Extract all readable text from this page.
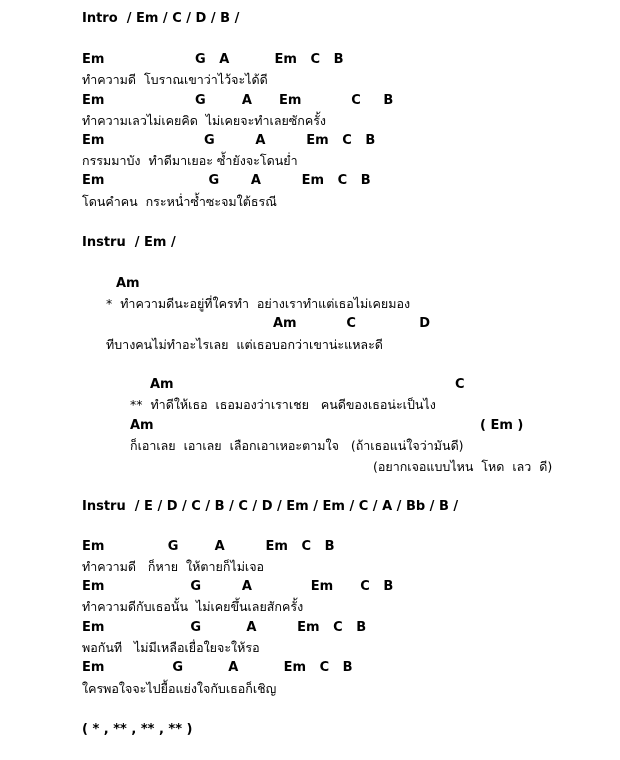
Intro  / Em / C / D / B /
Em                    G   A          Em   C   B
ทำความดี  โบราณเขาว่าไว้จะได้ดี
Em                    G        A      Em           C     B
ทำความเลวไม่เคยคิด  ไม่เคยจะทำเลยซักครั้ง
Em                      G         A         Em   C   B
กรรมมาบัง  ทำดีมาเยอะ ซ้ำยังจะโดนย่ำ
Em                       G       A         Em   C   B
โดนคำคน  กระหน่ำซ้ำซะจมใต้ธรณี
Instru  / Em /
Am
*  ทำความดีนะอยู่ที่ใครทำ  อย่างเราทำแต่เธอไม่เคยมอง
Am           C              D
ทีบางคนไม่ทำอะไรเลย  แต่เธอบอกว่าเขาน่ะแหละดี
Am	C
**  ทำดีให้เธอ  เธอมองว่าเราเชย   คนดีของเธอน่ะเป็นไง
Am	( Em )
ก็เอาเลย  เอาเลย  เลือกเอาเหอะตามใจ   (ถ้าเธอแน่ใจว่ามันดี)
(อยากเจอแบบไหน  โหด  เลว  ดี)
Instru  / E / D / C / B / C / D / Em / Em / C / A / Bb / B /
Em              G        A         Em   C   B
ทำความดี   ก็หาย  ให้ตายก็ไม่เจอ
Em                   G         A             Em      C   B
ทำความดีกับเธอนั้น  ไม่เคยขึ้นเลยสักครั้ง
Em                   G          A         Em   C   B
พอกันที   ไม่มีเหลือเยื่อใยจะให้รอ
Em               G          A          Em   C   B
ใครพอใจจะไปยื้อแย่งใจกับเธอก็เชิญ
( * , ** , ** , ** )
